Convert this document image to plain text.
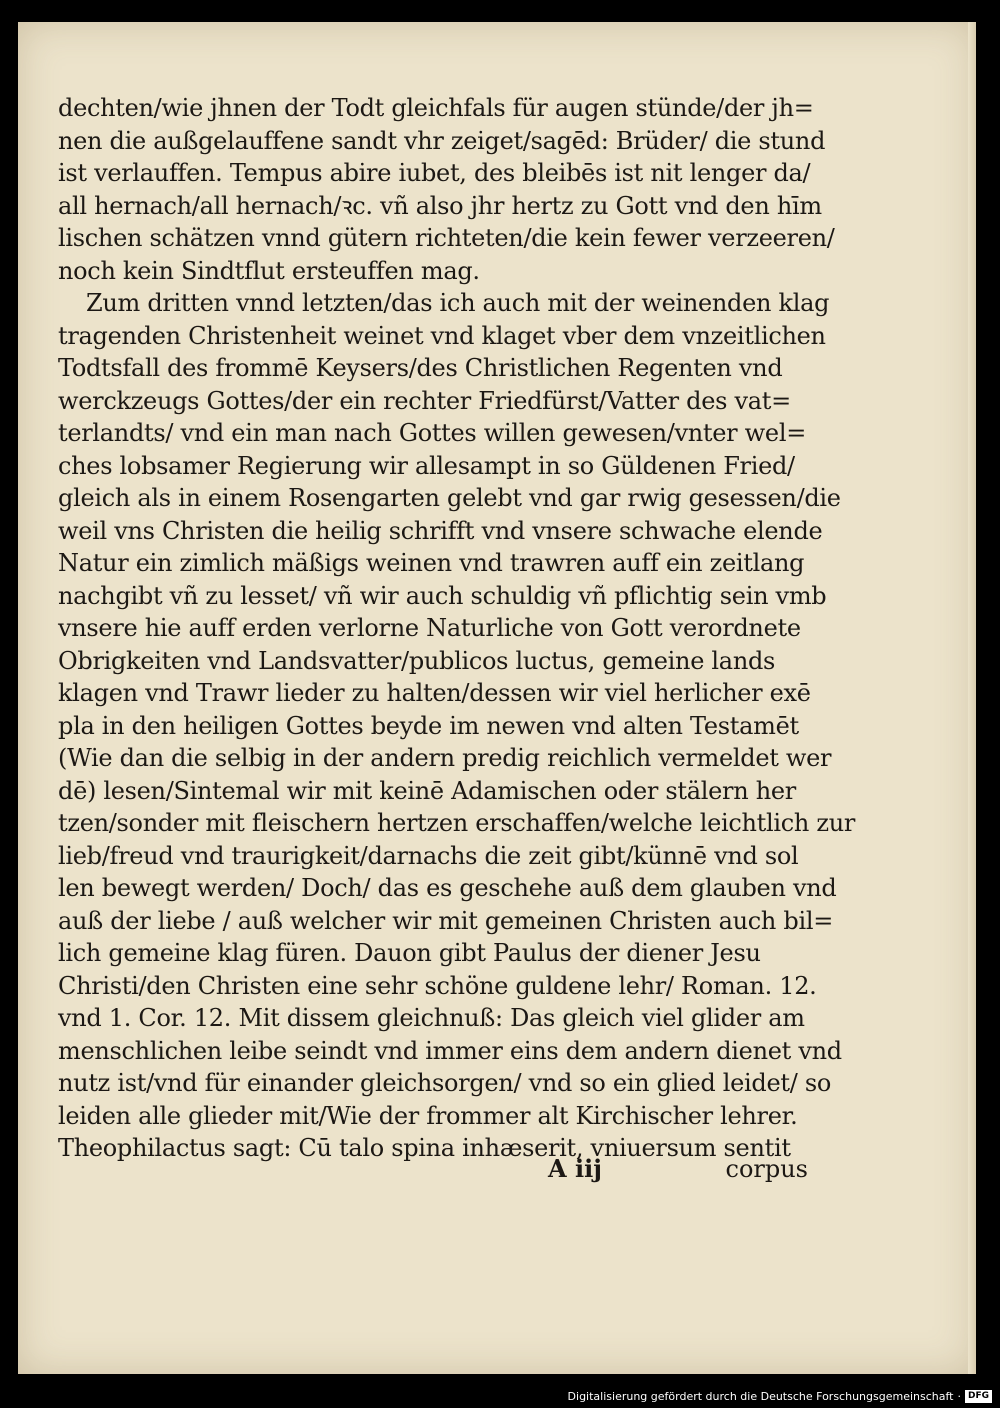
dechten/wie jhnen der Todt gleichfals für augen stünde/der jh=
nen die außgelauffene sandt vhr zeiget/sagēd: Brüder/ die stund
ist verlauffen. Tempus abire iubet, des bleibēs ist nit lenger da/
all hernach/all hernach/ꝛc. vñ also jhr hertz zu Gott vnd den hīm
lischen schätzen vnnd gütern richteten/die kein fewer verzeeren/
noch kein Sindtflut ersteuffen mag.
Zum dritten vnnd letzten/das ich auch mit der weinenden klag
tragenden Christenheit weinet vnd klaget vber dem vnzeitlichen
Todtsfall des frommē Keysers/des Christlichen Regenten vnd
werckzeugs Gottes/der ein rechter Friedfürst/Vatter des vat=
terlandts/ vnd ein man nach Gottes willen gewesen/vnter wel=
ches lobsamer Regierung wir allesampt in so Güldenen Fried/
gleich als in einem Rosengarten gelebt vnd gar rwig gesessen/die
weil vns Christen die heilig schrifft vnd vnsere schwache elende
Natur ein zimlich mäßigs weinen vnd trawren auff ein zeitlang
nachgibt vñ zu lesset/ vñ wir auch schuldig vñ pflichtig sein vmb
vnsere hie auff erden verlorne Naturliche von Gott verordnete
Obrigkeiten vnd Landsvatter/publicos luctus, gemeine lands
klagen vnd Trawr lieder zu halten/dessen wir viel herlicher exē
pla in den heiligen Gottes beyde im newen vnd alten Testamēt
(Wie dan die selbig in der andern predig reichlich vermeldet wer
dē) lesen/Sintemal wir mit keinē Adamischen oder stälern her
tzen/sonder mit fleischern hertzen erschaffen/welche leichtlich zur
lieb/freud vnd traurigkeit/darnachs die zeit gibt/künnē vnd sol
len bewegt werden/ Doch/ das es geschehe auß dem glauben vnd
auß der liebe / auß welcher wir mit gemeinen Christen auch bil=
lich gemeine klag füren. Dauon gibt Paulus der diener Jesu
Christi/den Christen eine sehr schöne guldene lehr/ Roman. 12.
vnd 1. Cor. 12. Mit dissem gleichnuß: Das gleich viel glider am
menschlichen leibe seindt vnd immer eins dem andern dienet vnd
nutz ist/vnd für einander gleichsorgen/ vnd so ein glied leidet/ so
leiden alle glieder mit/Wie der frommer alt Kirchischer lehrer.
Theophilactus sagt: Cū talo spina inhæserit, vniuersum sentit
A iij	corpus
Digitalisierung gefördert durch die Deutsche Forschungsgemeinschaft · DFG
